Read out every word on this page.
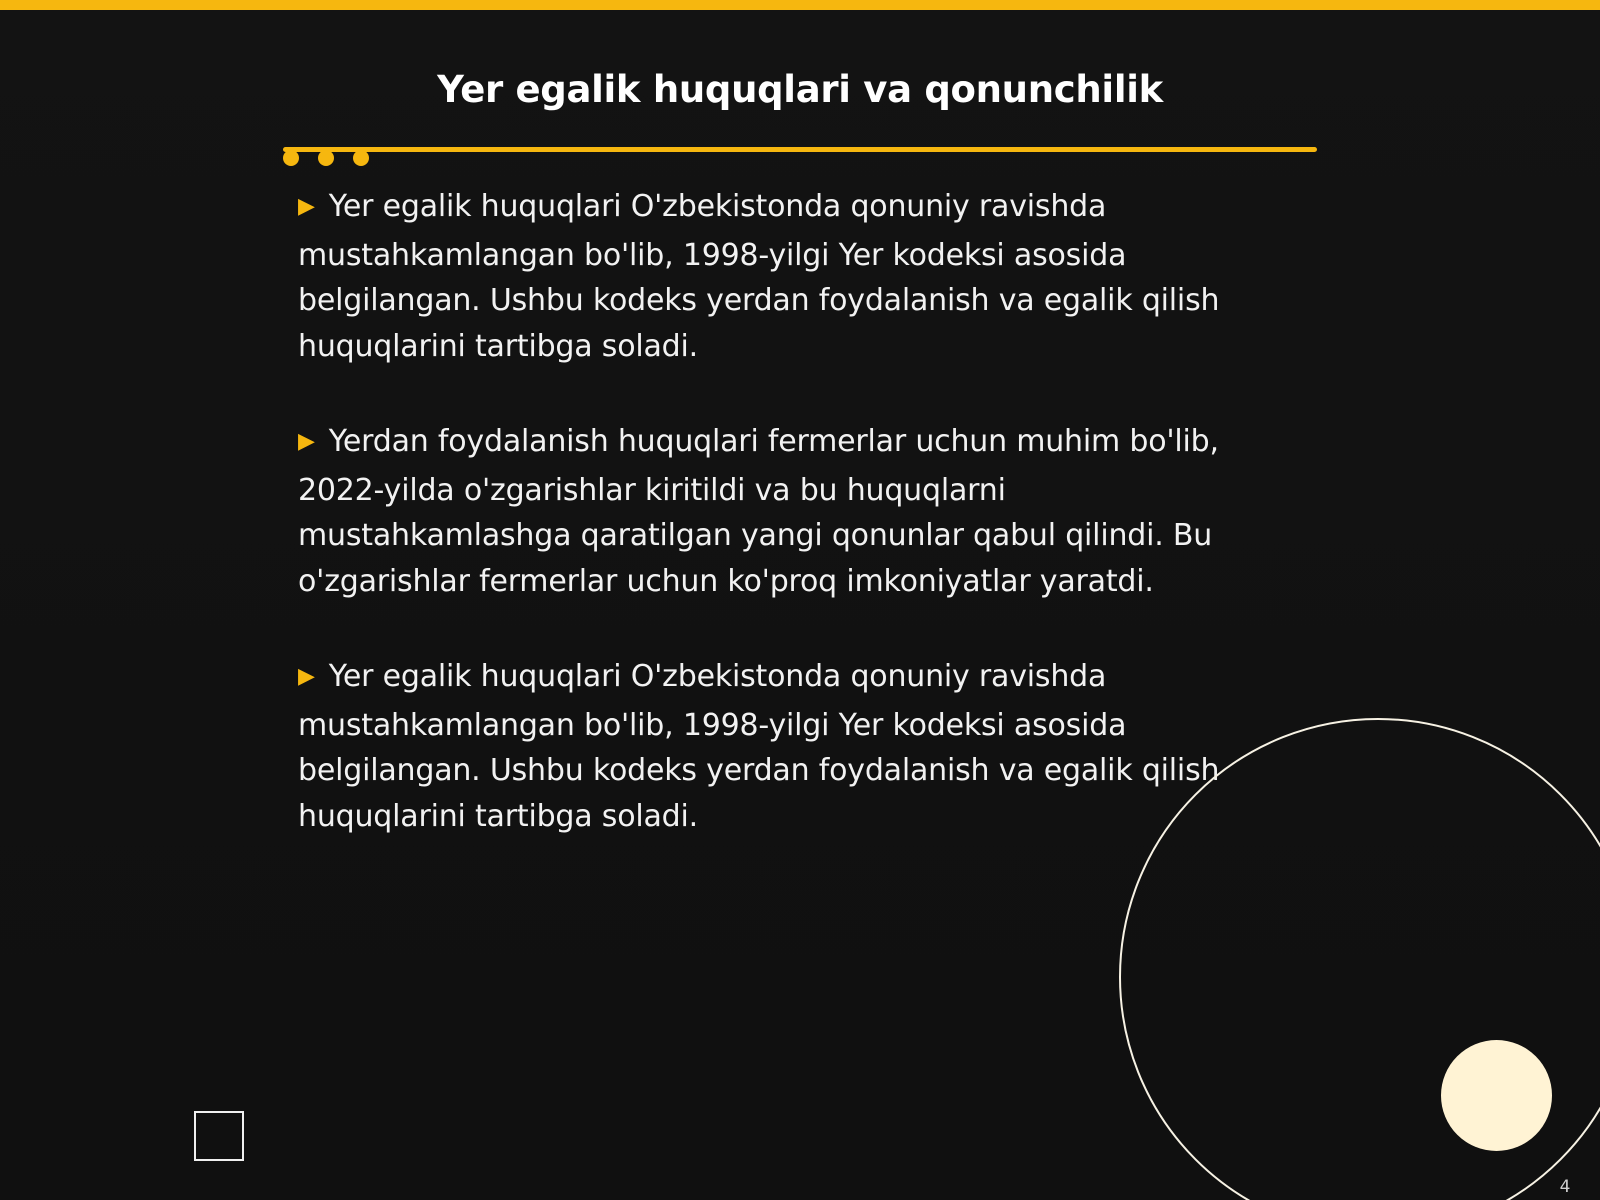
Yer egalik huquqlari va qonunchilik

▶ Yer egalik huquqlari O'zbekistonda qonuniy ravishda mustahkamlangan bo'lib, 1998-yilgi Yer kodeksi asosida belgilangan. Ushbu kodeks yerdan foydalanish va egalik qilish huquqlarini tartibga soladi.

▶ Yerdan foydalanish huquqlari fermerlar uchun muhim bo'lib, 2022-yilda o'zgarishlar kiritildi va bu huquqlarni mustahkamlashga qaratilgan yangi qonunlar qabul qilindi. Bu o'zgarishlar fermerlar uchun ko'proq imkoniyatlar yaratdi.

▶ Yer egalik huquqlari O'zbekistonda qonuniy ravishda mustahkamlangan bo'lib, 1998-yilgi Yer kodeksi asosida belgilangan. Ushbu kodeks yerdan foydalanish va egalik qilish huquqlarini tartibga soladi.

4
